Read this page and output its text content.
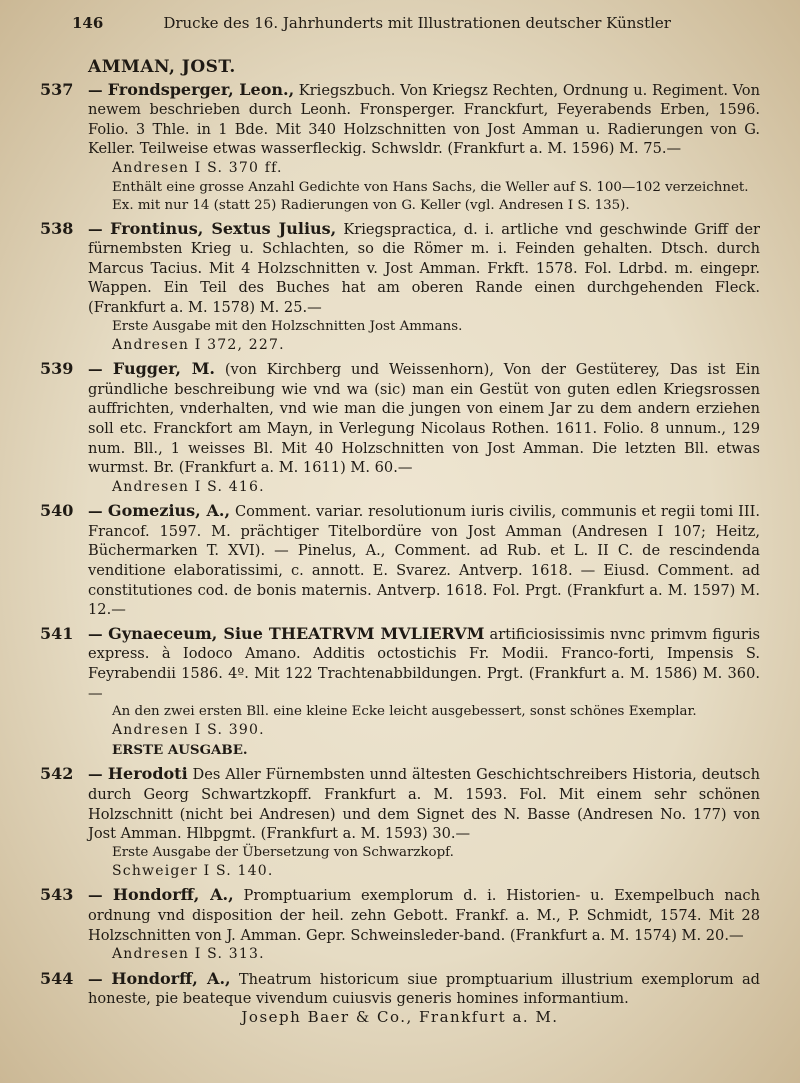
146	Drucke des 16. Jahrhunderts mit Illustrationen deutscher Künstler
AMMAN, JOST.
537 — Frondsperger, Leon., Kriegszbuch. Von Kriegsz Rechten, Ordnung u. Regiment. Von newem beschrieben durch Leonh. Fronsperger. Franckfurt, Feyerabends Erben, 1596. Folio. 3 Thle. in 1 Bde. Mit 340 Holzschnitten von Jost Amman u. Radierungen von G. Keller. Teilweise etwas wasserfleckig. Schwsldr. (Frankfurt a. M. 1596) M. 75.—
Andresen I S. 370 ff.
Enthält eine grosse Anzahl Gedichte von Hans Sachs, die Weller auf S. 100—102 verzeichnet. Ex. mit nur 14 (statt 25) Radierungen von G. Keller (vgl. Andresen I S. 135).
538 — Frontinus, Sextus Julius, Kriegspractica, d. i. artliche vnd geschwinde Griff der fürnembsten Krieg u. Schlachten, so die Römer m. i. Feinden gehalten. Dtsch. durch Marcus Tacius. Mit 4 Holzschnitten v. Jost Amman. Frkft. 1578. Fol. Ldrbd. m. eingepr. Wappen. Ein Teil des Buches hat am oberen Rande einen durchgehenden Fleck. (Frankfurt a. M. 1578) M. 25.—
Erste Ausgabe mit den Holzschnitten Jost Ammans.
Andresen I 372, 227.
539 — Fugger, M. (von Kirchberg und Weissenhorn), Von der Gestüterey, Das ist Ein gründliche beschreibung wie vnd wa (sic) man ein Gestüt von guten edlen Kriegsrossen auffrichten, vnderhalten, vnd wie man die jungen von einem Jar zu dem andern erziehen soll etc. Franckfort am Mayn, in Verlegung Nicolaus Rothen. 1611. Folio. 8 unnum., 129 num. Bll., 1 weisses Bl. Mit 40 Holzschnitten von Jost Amman. Die letzten Bll. etwas wurmst. Br. (Frankfurt a. M. 1611) M. 60.—
Andresen I S. 416.
540 — Gomezius, A., Comment. variar. resolutionum iuris civilis, communis et regii tomi III. Francof. 1597. M. prächtiger Titelbordüre von Jost Amman (Andresen I 107; Heitz, Büchermarken T. XVI). — Pinelus, A., Comment. ad Rub. et L. II C. de rescindenda venditione elaboratissimi, c. annott. E. Svarez. Antverp. 1618. — Eiusd. Comment. ad constitutiones cod. de bonis maternis. Antverp. 1618. Fol. Prgt. (Frankfurt a. M. 1597) M. 12.—
541 — Gynaeceum, Siue THEATRVM MVLIERVM artificiosissimis nvnc primvm figuris express. à Iodoco Amano. Additis octostichis Fr. Modii. Franco-forti, Impensis S. Feyrabendii 1586. 4º. Mit 122 Trachtenabbildungen. Prgt. (Frankfurt a. M. 1586) M. 360.—
An den zwei ersten Bll. eine kleine Ecke leicht ausgebessert, sonst schönes Exemplar.
Andresen I S. 390.
ERSTE AUSGABE.
542 — Herodoti Des Aller Fürnembsten unnd ältesten Geschichtschreibers Historia, deutsch durch Georg Schwartzkopff. Frankfurt a. M. 1593. Fol. Mit einem sehr schönen Holzschnitt (nicht bei Andresen) und dem Signet des N. Basse (Andresen No. 177) von Jost Amman. Hlbpgmt. (Frankfurt a. M. 1593) 30.—
Erste Ausgabe der Übersetzung von Schwarzkopf.
Schweiger I S. 140.
543 — Hondorff, A., Promptuarium exemplorum d. i. Historien- u. Exempelbuch nach ordnung vnd disposition der heil. zehn Gebott. Frankf. a. M., P. Schmidt, 1574. Mit 28 Holzschnitten von J. Amman. Gepr. Schweinsleder-band. (Frankfurt a. M. 1574) M. 20.—
Andresen I S. 313.
544 — Hondorff, A., Theatrum historicum siue promptuarium illustrium exemplorum ad honeste, pie beateque vivendum cuiusvis generis homines informantium.
Joseph Baer & Co., Frankfurt a. M.
